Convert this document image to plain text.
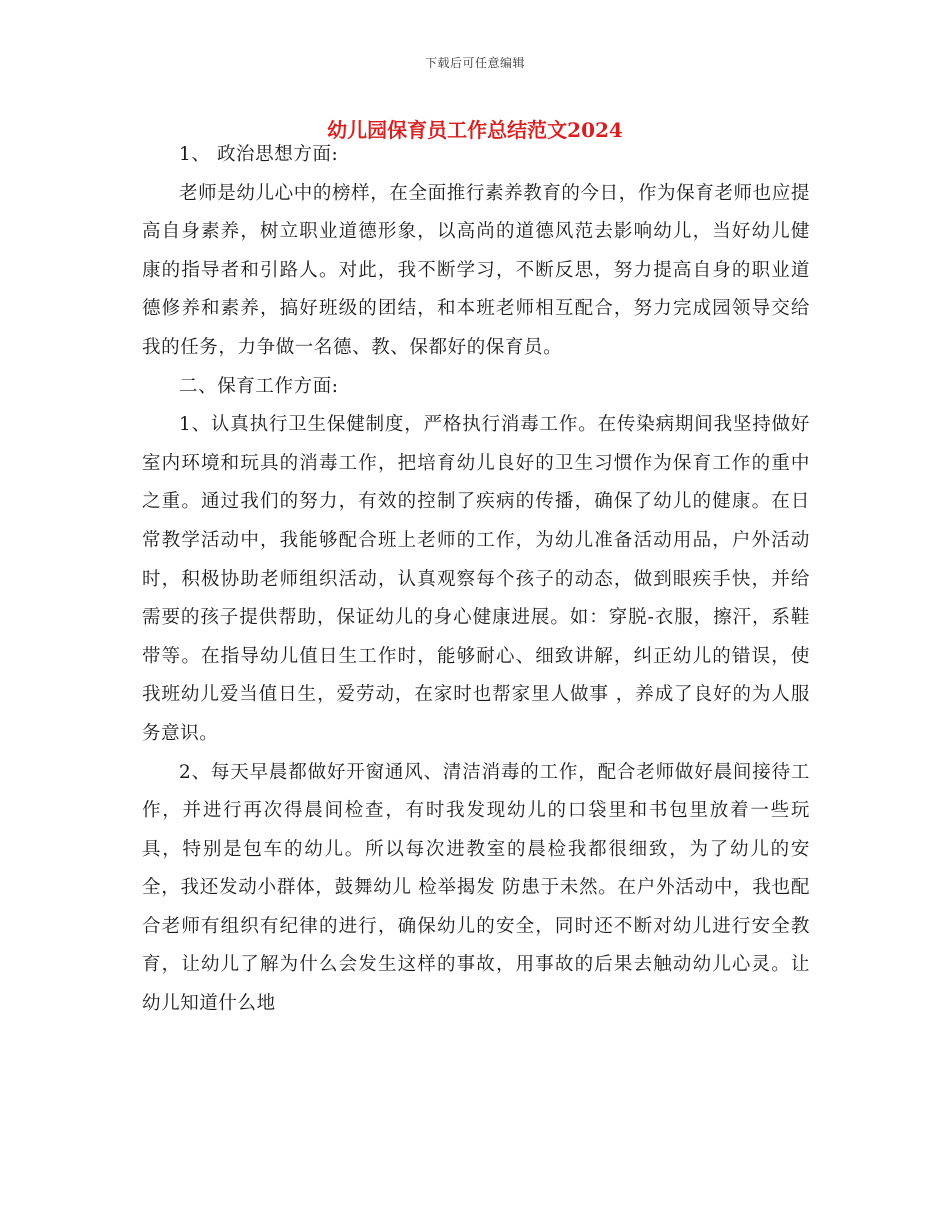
下载后可任意编辑
幼儿园保育员工作总结范文2024

1、 政治思想方面:

老师是幼儿心中的榜样，在全面推行素养教育的今日，作为保育老师也应提高自身素养，树立职业道德形象，以高尚的道德风范去影响幼儿，当好幼儿健康的指导者和引路人。对此，我不断学习，不断反思，努力提高自身的职业道德修养和素养，搞好班级的团结，和本班老师相互配合，努力完成园领导交给我的任务，力争做一名德、教、保都好的保育员。

二、保育工作方面:

1、认真执行卫生保健制度，严格执行消毒工作。在传染病期间我坚持做好室内环境和玩具的消毒工作，把培育幼儿良好的卫生习惯作为保育工作的重中之重。通过我们的努力，有效的控制了疾病的传播，确保了幼儿的健康。在日常教学活动中，我能够配合班上老师的工作，为幼儿准备活动用品，户外活动时，积极协助老师组织活动，认真观察每个孩子的动态，做到眼疾手快，并给需要的孩子提供帮助，保证幼儿的身心健康进展。如：穿脱-衣服，擦汗，系鞋带等。在指导幼儿值日生工作时，能够耐心、细致讲解，纠正幼儿的错误，使我班幼儿爱当值日生，爱劳动，在家时也帮家里人做事 ，养成了良好的为人服务意识。

2、每天早晨都做好开窗通风、清洁消毒的工作，配合老师做好晨间接待工作，并进行再次得晨间检查，有时我发现幼儿的口袋里和书包里放着一些玩具，特别是包车的幼儿。所以每次进教室的晨检我都很细致，为了幼儿的安全，我还发动小群体，鼓舞幼儿 检举揭发 防患于未然。在户外活动中，我也配合老师有组织有纪律的进行，确保幼儿的安全，同时还不断对幼儿进行安全教育，让幼儿了解为什么会发生这样的事故，用事故的后果去触动幼儿心灵。让幼儿知道什么地
